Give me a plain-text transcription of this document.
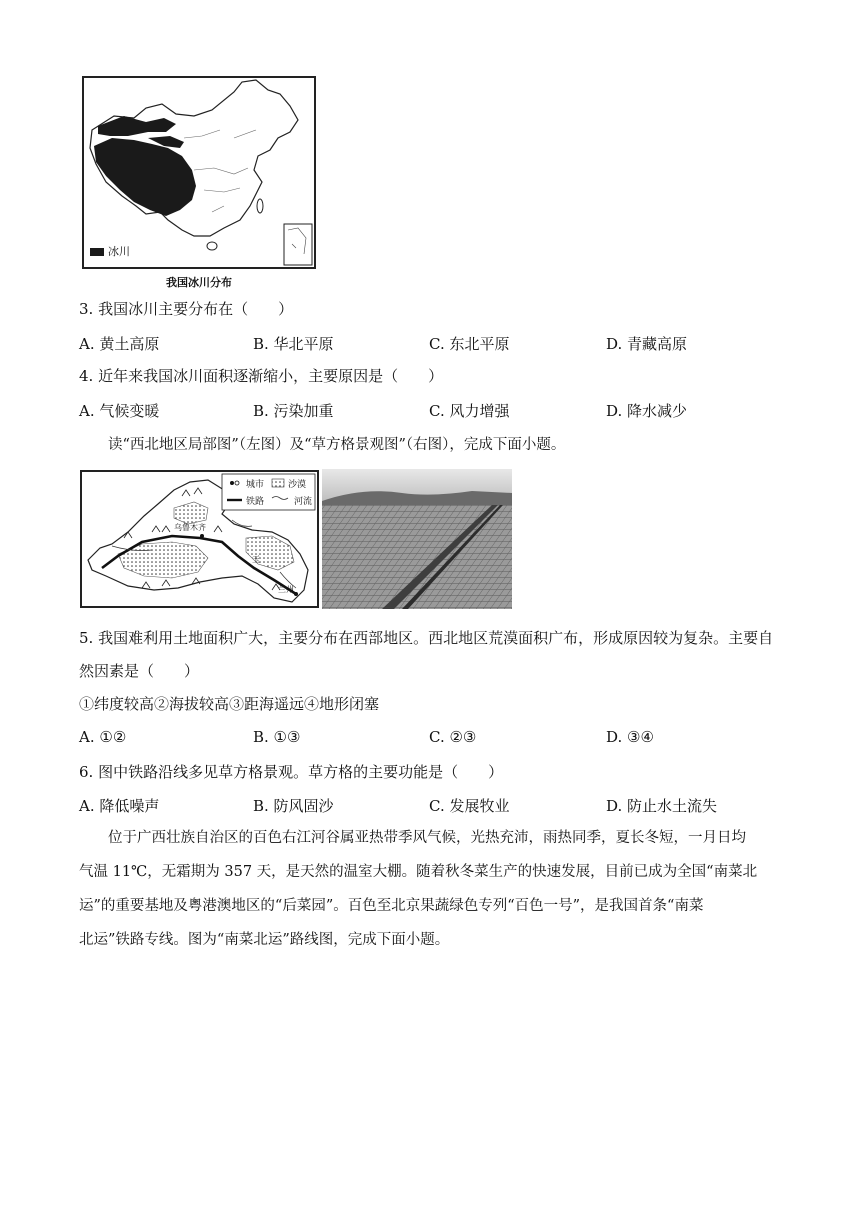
冰川
我国冰川分布
3. 我国冰川主要分布在（　　）
A. 黄土高原	B. 华北平原	C. 东北平原	D. 青藏高原
4. 近年来我国冰川面积逐渐缩小，主要原因是（　　）
A. 气候变暖	B. 污染加重	C. 风力增强	D. 降水减少
读“西北地区局部图”（左图）及“草方格景观图”（右图），完成下面小题。
城市	沙漠
铁路	河流
乌鲁木齐
玉
兰州
5. 我国难利用土地面积广大，主要分布在西部地区。西北地区荒漠面积广布，形成原因较为复杂。主要自
然因素是（　　）
①纬度较高②海拔较高③距海遥远④地形闭塞
A. ①②	B. ①③	C. ②③	D. ③④
6. 图中铁路沿线多见草方格景观。草方格的主要功能是（　　）
A. 降低噪声	B. 防风固沙	C. 发展牧业	D. 防止水土流失
位于广西壮族自治区的百色右江河谷属亚热带季风气候，光热充沛，雨热同季，夏长冬短，一月日均
气温 11℃，无霜期为 357 天，是天然的温室大棚。随着秋冬菜生产的快速发展，目前已成为全国“南菜北
运”的重要基地及粤港澳地区的“后菜园”。百色至北京果蔬绿色专列“百色一号”，是我国首条“南菜
北运”铁路专线。图为“南菜北运”路线图，完成下面小题。
